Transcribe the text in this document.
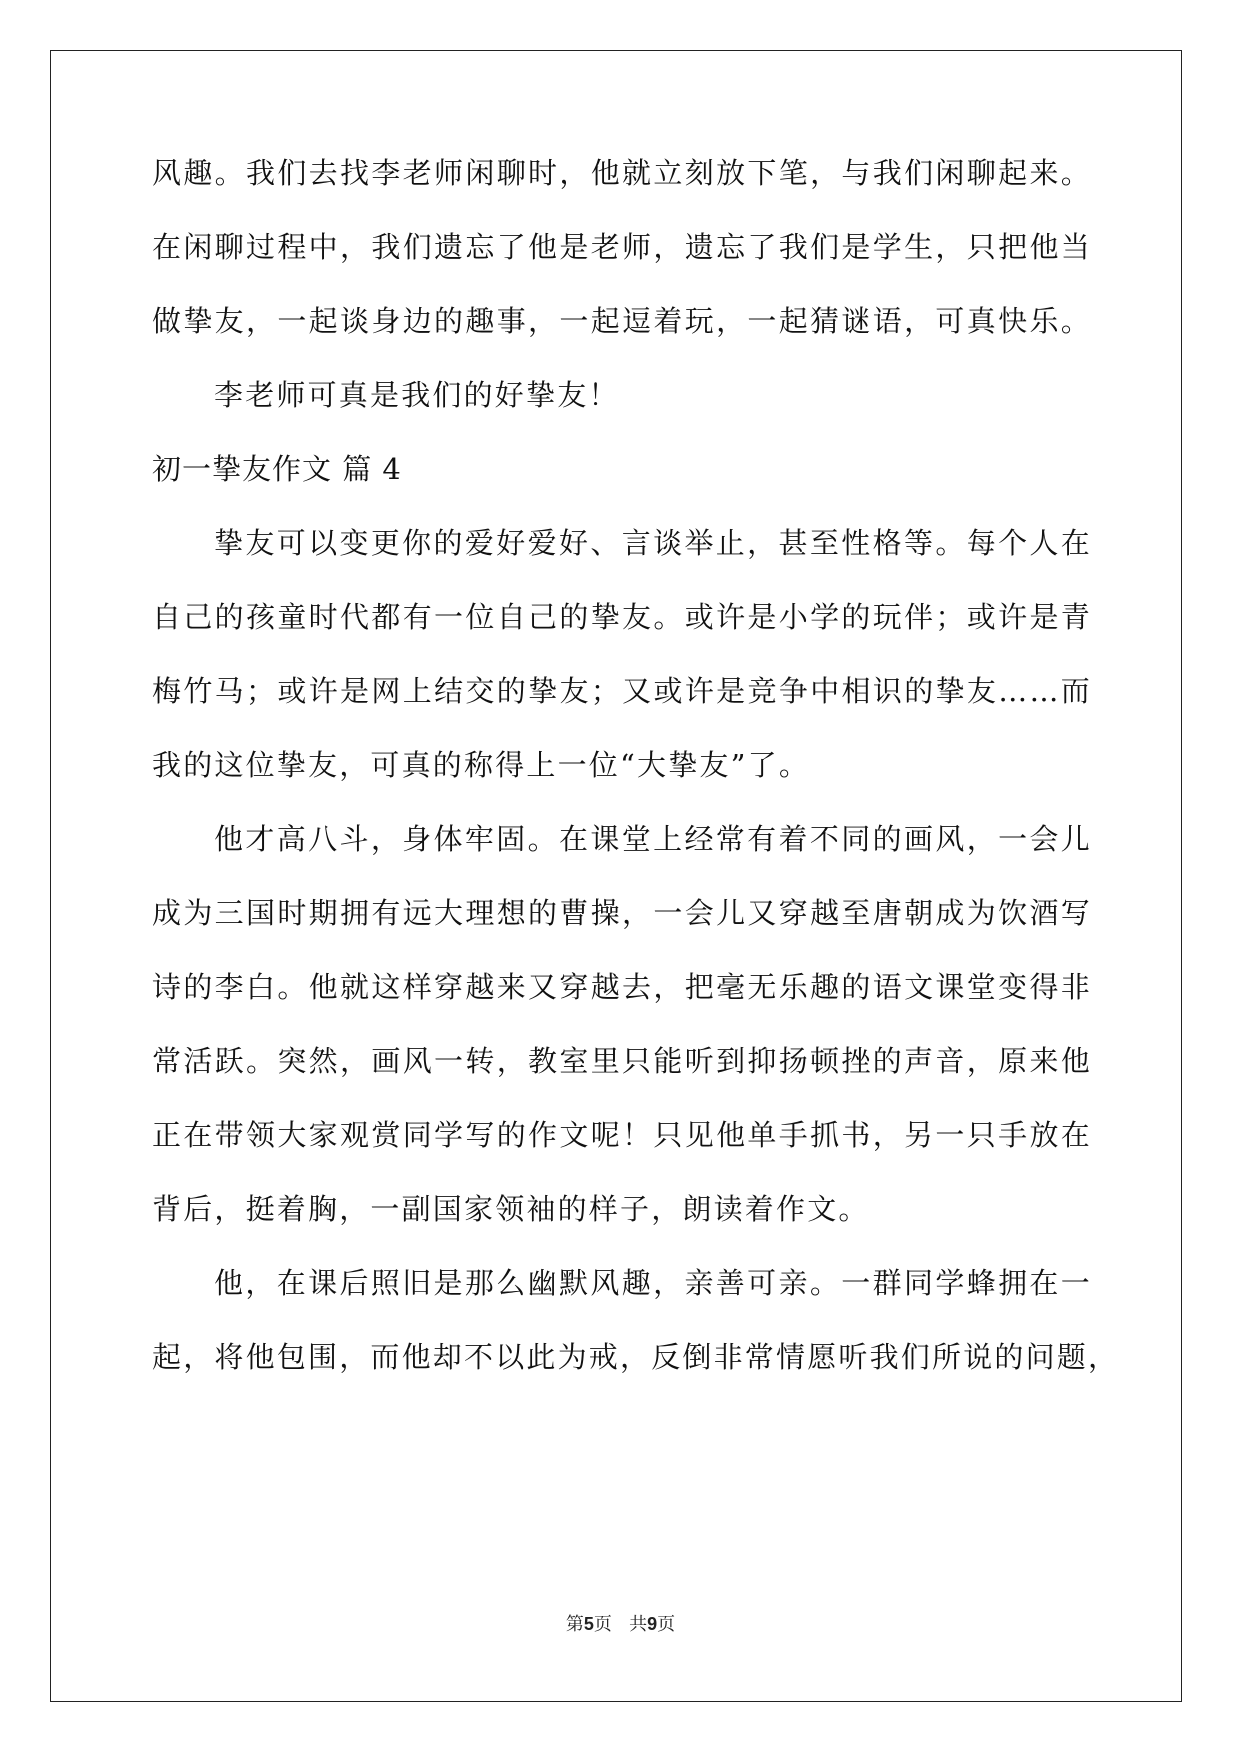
风趣。我们去找李老师闲聊时，他就立刻放下笔，与我们闲聊起来。
在闲聊过程中，我们遗忘了他是老师，遗忘了我们是学生，只把他当
做挚友，一起谈身边的趣事，一起逗着玩，一起猜谜语，可真快乐。
李老师可真是我们的好挚友！
初一挚友作文 篇 4
挚友可以变更你的爱好爱好、言谈举止，甚至性格等。每个人在
自己的孩童时代都有一位自己的挚友。或许是小学的玩伴；或许是青
梅竹马；或许是网上结交的挚友；又或许是竞争中相识的挚友……而
我的这位挚友，可真的称得上一位“大挚友”了。
他才高八斗，身体牢固。在课堂上经常有着不同的画风，一会儿
成为三国时期拥有远大理想的曹操，一会儿又穿越至唐朝成为饮酒写
诗的李白。他就这样穿越来又穿越去，把毫无乐趣的语文课堂变得非
常活跃。突然，画风一转，教室里只能听到抑扬顿挫的声音，原来他
正在带领大家观赏同学写的作文呢！只见他单手抓书，另一只手放在
背后，挺着胸，一副国家领袖的样子，朗读着作文。
他，在课后照旧是那么幽默风趣，亲善可亲。一群同学蜂拥在一
起，将他包围，而他却不以此为戒，反倒非常情愿听我们所说的问题，
第5页   共9页
